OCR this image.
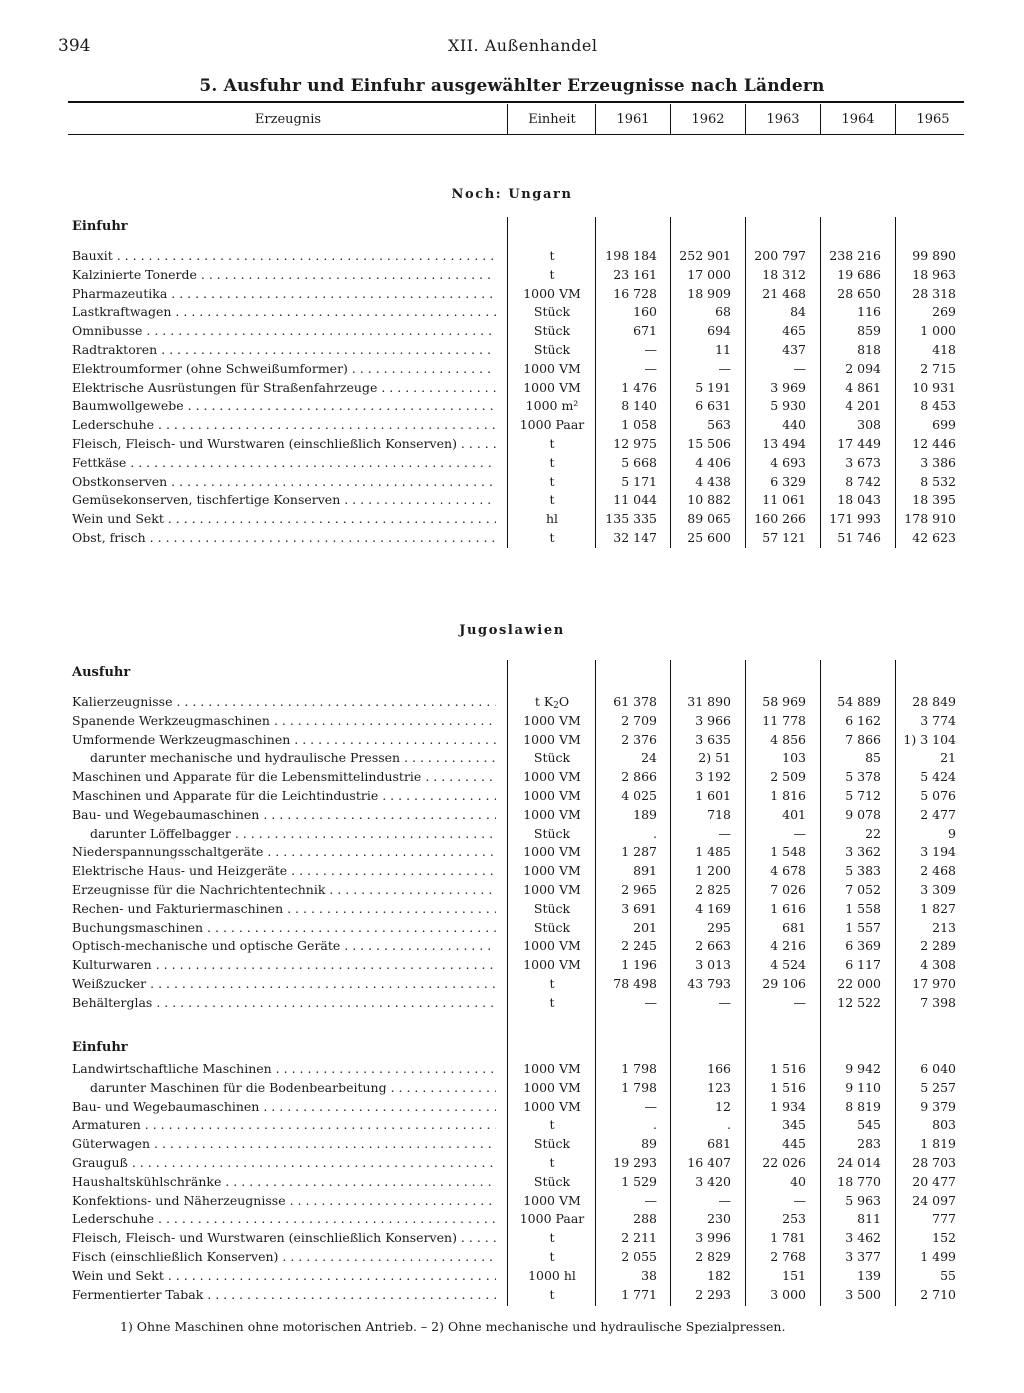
394	XII. Außenhandel
5. Ausfuhr und Einfuhr ausgewählter Erzeugnisse nach Ländern
Erzeugnis	Einheit	1961	1962	1963	1964	1965
Noch: Ungarn
Einfuhr
Bauxit . . .	t	198 184	252 901	200 797	238 216	99 890
Kalzinierte Tonerde . . .	t	23 161	17 000	18 312	19 686	18 963
Pharmazeutika . . .	1000 VM	16 728	18 909	21 468	28 650	28 318
Lastkraftwagen . . .	Stück	160	68	84	116	269
Omnibusse . . .	Stück	671	694	465	859	1 000
Radtraktoren . . .	Stück	—	11	437	818	418
Elektroumformer (ohne Schweißumformer) . . .	1000 VM	—	—	—	2 094	2 715
Elektrische Ausrüstungen für Straßenfahrzeuge . . .	1000 VM	1 476	5 191	3 969	4 861	10 931
Baumwollgewebe . . .	1000 m²	8 140	6 631	5 930	4 201	8 453
Lederschuhe . . .	1000 Paar	1 058	563	440	308	699
Fleisch, Fleisch- und Wurstwaren (einschließlich Konserven) . . .	t	12 975	15 506	13 494	17 449	12 446
Fettkäse . . .	t	5 668	4 406	4 693	3 673	3 386
Obstkonserven . . .	t	5 171	4 438	6 329	8 742	8 532
Gemüsekonserven, tischfertige Konserven . . .	t	11 044	10 882	11 061	18 043	18 395
Wein und Sekt . . .	hl	135 335	89 065	160 266	171 993	178 910
Obst, frisch . . .	t	32 147	25 600	57 121	51 746	42 623
Jugoslawien
Ausfuhr
Kalierzeugnisse . . .	t $K_2O$	61 378	31 890	58 969	54 889	28 849
Spanende Werkzeugmaschinen . . .	1000 VM	2 709	3 966	11 778	6 162	3 774
Umformende Werkzeugmaschinen . . .	1000 VM	2 376	3 635	4 856	7 866	1) 3 104
darunter mechanische und hydraulische Pressen . . .	Stück	24	2) 51	103	85	21
Maschinen und Apparate für die Lebensmittelindustrie . . .	1000 VM	2 866	3 192	2 509	5 378	5 424
Maschinen und Apparate für die Leichtindustrie . . .	1000 VM	4 025	1 601	1 816	5 712	5 076
Bau- und Wegebaumaschinen . . .	1000 VM	189	718	401	9 078	2 477
darunter Löffelbagger . . .	Stück	.	—	—	22	9
Niederspannungsschaltgeräte . . .	1000 VM	1 287	1 485	1 548	3 362	3 194
Elektrische Haus- und Heizgeräte . . .	1000 VM	891	1 200	4 678	5 383	2 468
Erzeugnisse für die Nachrichtentechnik . . .	1000 VM	2 965	2 825	7 026	7 052	3 309
Rechen- und Fakturiermaschinen . . .	Stück	3 691	4 169	1 616	1 558	1 827
Buchungsmaschinen . . .	Stück	201	295	681	1 557	213
Optisch-mechanische und optische Geräte . . .	1000 VM	2 245	2 663	4 216	6 369	2 289
Kulturwaren . . .	1000 VM	1 196	3 013	4 524	6 117	4 308
Weißzucker . . .	t	78 498	43 793	29 106	22 000	17 970
Behälterglas . . .	t	—	—	—	12 522	7 398
Einfuhr
Landwirtschaftliche Maschinen . . .	1000 VM	1 798	166	1 516	9 942	6 040
darunter Maschinen für die Bodenbearbeitung . . .	1000 VM	1 798	123	1 516	9 110	5 257
Bau- und Wegebaumaschinen . . .	1000 VM	—	12	1 934	8 819	9 379
Armaturen . . .	t	.	.	345	545	803
Güterwagen . . .	Stück	89	681	445	283	1 819
Grauguß . . .	t	19 293	16 407	22 026	24 014	28 703
Haushaltskühlschränke . . .	Stück	1 529	3 420	40	18 770	20 477
Konfektions- und Näherzeugnisse . . .	1000 VM	—	—	—	5 963	24 097
Lederschuhe . . .	1000 Paar	288	230	253	811	777
Fleisch, Fleisch- und Wurstwaren (einschließlich Konserven) . . .	t	2 211	3 996	1 781	3 462	152
Fisch (einschließlich Konserven) . . .	t	2 055	2 829	2 768	3 377	1 499
Wein und Sekt . . .	1000 hl	38	182	151	139	55
Fermentierter Tabak . . .	t	1 771	2 293	3 000	3 500	2 710
1) Ohne Maschinen ohne motorischen Antrieb. – 2) Ohne mechanische und hydraulische Spezialpressen.
